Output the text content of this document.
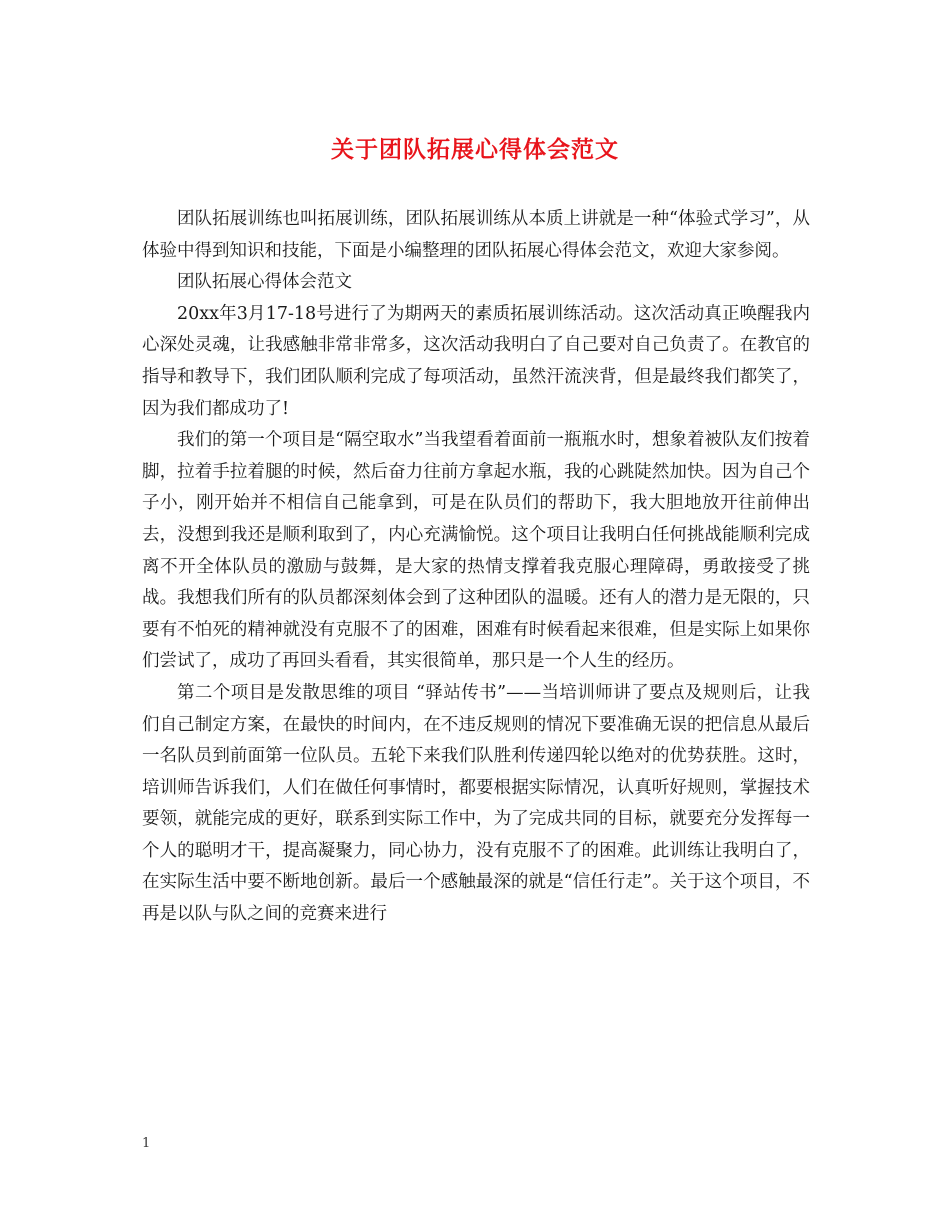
关于团队拓展心得体会范文

团队拓展训练也叫拓展训练，团队拓展训练从本质上讲就是一种“体验式学习”，从体验中得到知识和技能，下面是小编整理的团队拓展心得体会范文，欢迎大家参阅。

团队拓展心得体会范文

20xx年3月17-18号进行了为期两天的素质拓展训练活动。这次活动真正唤醒我内心深处灵魂，让我感触非常非常多，这次活动我明白了自己要对自己负责了。在教官的指导和教导下，我们团队顺利完成了每项活动，虽然汗流浃背，但是最终我们都笑了，因为我们都成功了!

我们的第一个项目是“隔空取水”当我望看着面前一瓶瓶水时，想象着被队友们按着脚，拉着手拉着腿的时候，然后奋力往前方拿起水瓶，我的心跳陡然加快。因为自己个子小，刚开始并不相信自己能拿到，可是在队员们的帮助下，我大胆地放开往前伸出去，没想到我还是顺利取到了，内心充满愉悦。这个项目让我明白任何挑战能顺利完成离不开全体队员的激励与鼓舞，是大家的热情支撑着我克服心理障碍，勇敢接受了挑战。我想我们所有的队员都深刻体会到了这种团队的温暖。还有人的潜力是无限的，只要有不怕死的精神就没有克服不了的困难，困难有时候看起来很难，但是实际上如果你们尝试了，成功了再回头看看，其实很简单，那只是一个人生的经历。

第二个项目是发散思维的项目 “驿站传书”——当培训师讲了要点及规则后，让我们自己制定方案，在最快的时间内，在不违反规则的情况下要准确无误的把信息从最后一名队员到前面第一位队员。五轮下来我们队胜利传递四轮以绝对的优势获胜。这时，培训师告诉我们，人们在做任何事情时，都要根据实际情况，认真听好规则，掌握技术要领，就能完成的更好，联系到实际工作中，为了完成共同的目标，就要充分发挥每一个人的聪明才干，提高凝聚力，同心协力，没有克服不了的困难。此训练让我明白了，在实际生活中要不断地创新。最后一个感触最深的就是“信任行走”。关于这个项目，不再是以队与队之间的竞赛来进行

1
